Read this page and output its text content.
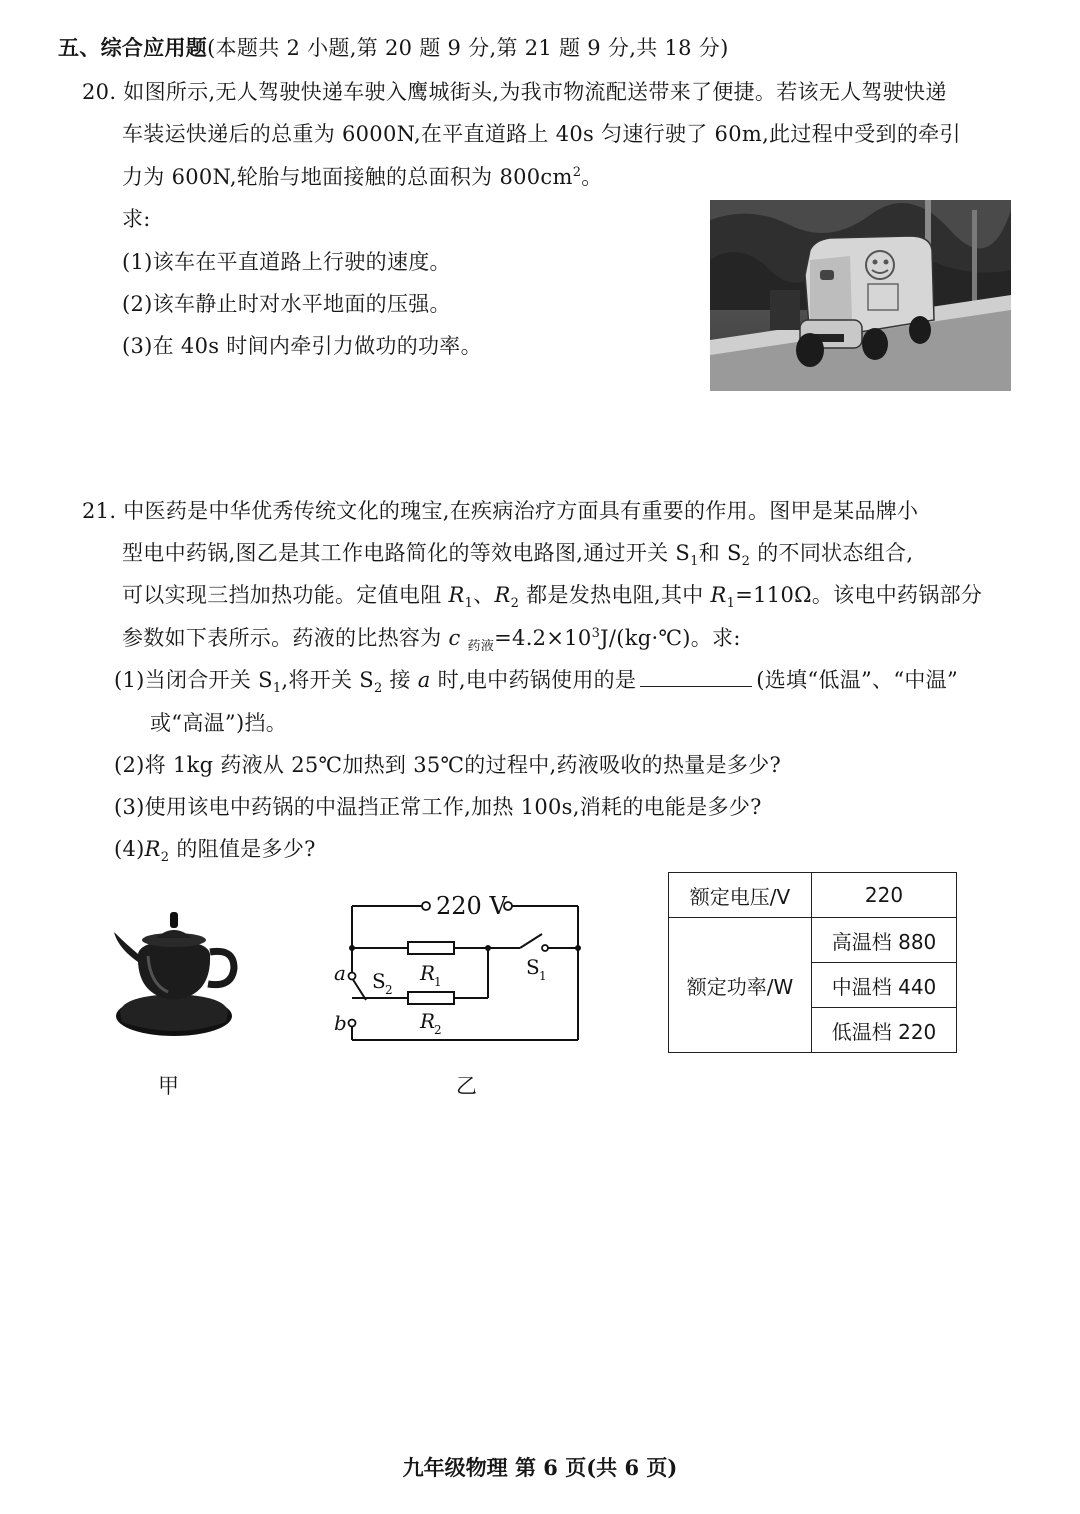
五、综合应用题(本题共 2 小题,第 20 题 9 分,第 21 题 9 分,共 18 分)
20. 如图所示,无人驾驶快递车驶入鹰城街头,为我市物流配送带来了便捷。若该无人驾驶快递
车装运快递后的总重为 6000N,在平直道路上 40s 匀速行驶了 60m,此过程中受到的牵引
力为 600N,轮胎与地面接触的总面积为 $800cm^2$。
求:
(1)该车在平直道路上行驶的速度。
(2)该车静止时对水平地面的压强。
(3)在 40s 时间内牵引力做功的功率。
21. 中医药是中华优秀传统文化的瑰宝,在疾病治疗方面具有重要的作用。图甲是某品牌小
型电中药锅,图乙是其工作电路简化的等效电路图,通过开关 $S_1$和 $S_2$ 的不同状态组合,
可以实现三挡加热功能。定值电阻 $R_1$、$R_2$ 都是发热电阻,其中 $R_1=110\Omega$。该电中药锅部分
参数如下表所示。药液的比热容为 c $_{药液}=4.2\times 10^3J/(kg\cdot℃)$。求:
(1)当闭合开关 $S_1$,将开关 $S_2$ 接 a 时,电中药锅使用的是	(选填“低温”、“中温”
或“高温”)挡。
(2)将 1kg 药液从 25℃加热到 35℃的过程中,药液吸收的热量是多少?
(3)使用该电中药锅的中温挡正常工作,加热 100s,消耗的电能是多少?
$(4)R_2$ 的阻值是多少?
甲
220 V
a
b
S 2
S 1
R
1
R
2
乙
额定电压/V	220
额定功率/W	高温档 880
	中温档 440
	低温档 220
九年级物理 第 6 页(共 6 页)
